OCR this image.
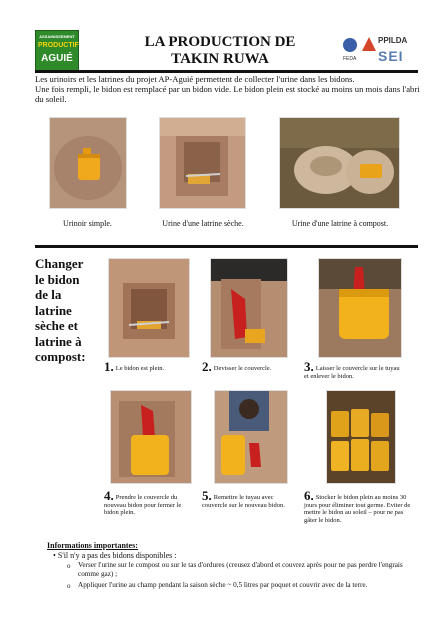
ASSAINISSEMENT
PRODUCTIF
AGUIÉ
LA PRODUCTION DE
TAKIN RUWA	FEDA
PPILDA
SEI
Les urinoirs et les latrines du projet AP-Aguié permettent de collecter l'urine dans les bidons.
Une fois rempli, le bidon est remplacé par un bidon vide. Le bidon plein est stocké au moins un mois dans l'abri du soleil.
Urinoir simple.	Urine d'une latrine sèche.	Urine d'une latrine à compost.
Changer
le bidon
de la
latrine
sèche et
latrine à
compost:
1. Le bidon est plein.	2. Devisser le couvercle.	3. Laisser le couvercle sur le tuyau et enlever le bidon.
4. Prendre le couvercle du nouveau bidon pour fermer le bidon plein.
5. Remettre le tuyau avec couvercle sur le nouveau bidon.
6. Stocker le bidon plein au moins 30 jours pour éliminer tout germe. Eviter de mettre le bidon au soleil – pour ne pas gâter le bidon.
Informations importantes:
• S'il n'y a pas des bidons disponibles :
o Verser l'urine sur le compost ou sur le tas d'ordures (creusez d'abord et couvrez après pour ne pas perdre l'engrais comme gaz) ;
o Appliquer l'urine au champ pendant la saison sèche ~ 0,5 litres par poquet et couvrir avec de la terre.
